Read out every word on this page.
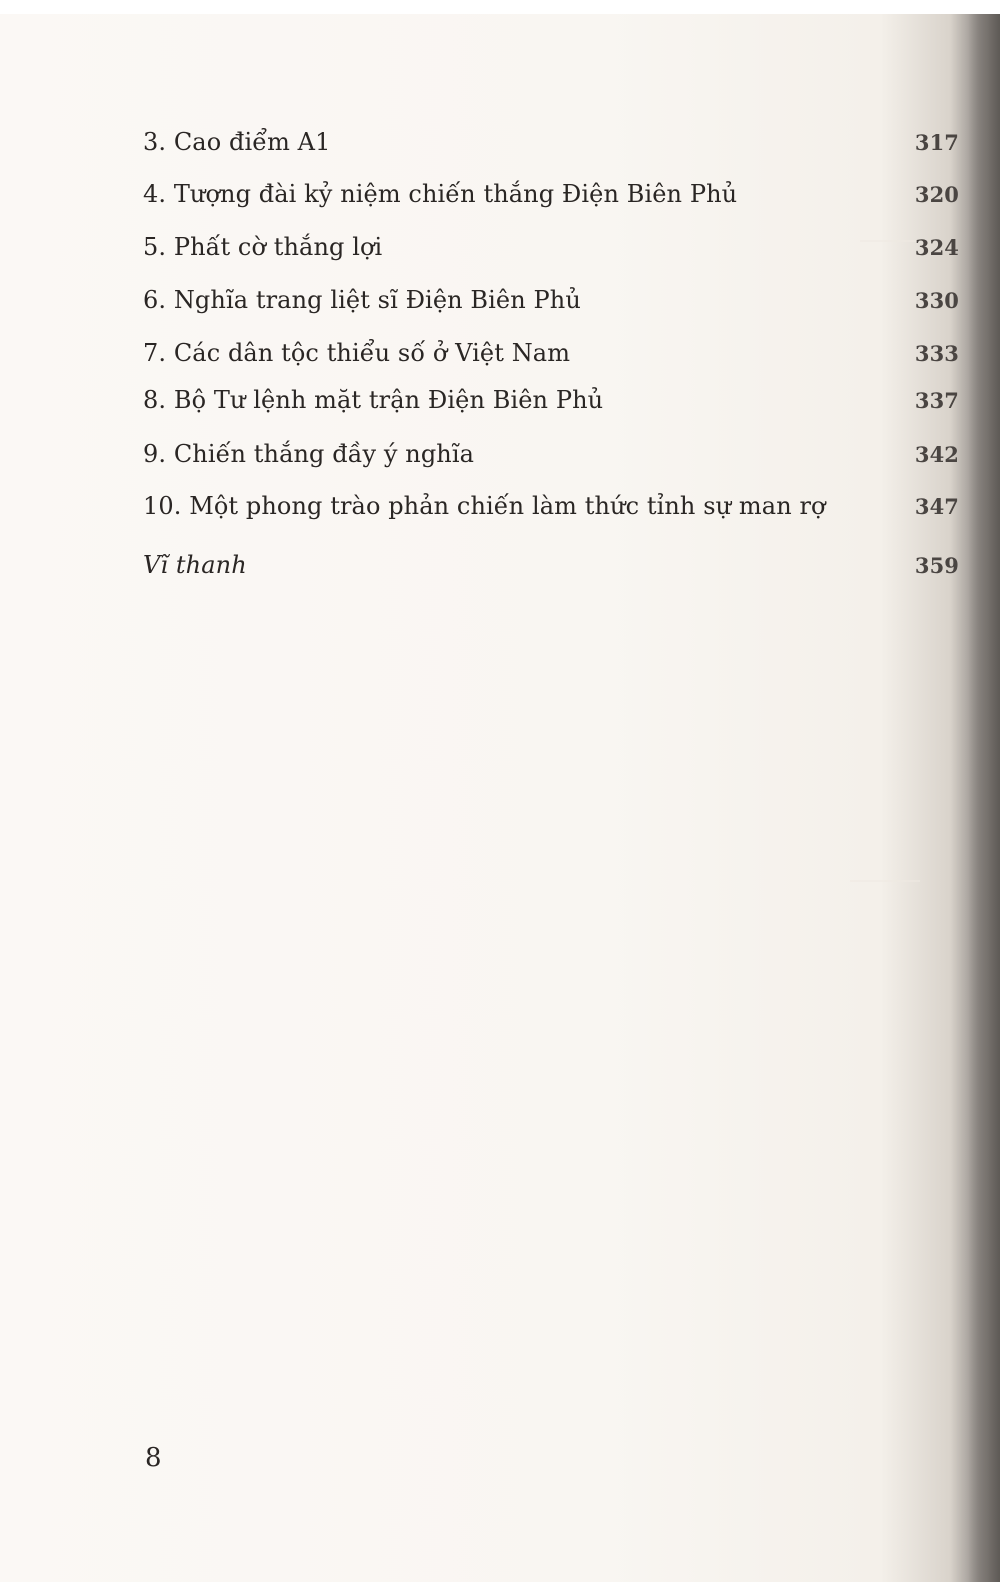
3. Cao điểm A1	317
4. Tượng đài kỷ niệm chiến thắng Điện Biên Phủ	320
5. Phất cờ thắng lợi	324
6. Nghĩa trang liệt sĩ Điện Biên Phủ	330
7. Các dân tộc thiểu số ở Việt Nam	333
8. Bộ Tư lệnh mặt trận Điện Biên Phủ	337
9. Chiến thắng đầy ý nghĩa	342
10. Một phong trào phản chiến làm thức tỉnh sự man rợ	347
Vĩ thanh	359
8
